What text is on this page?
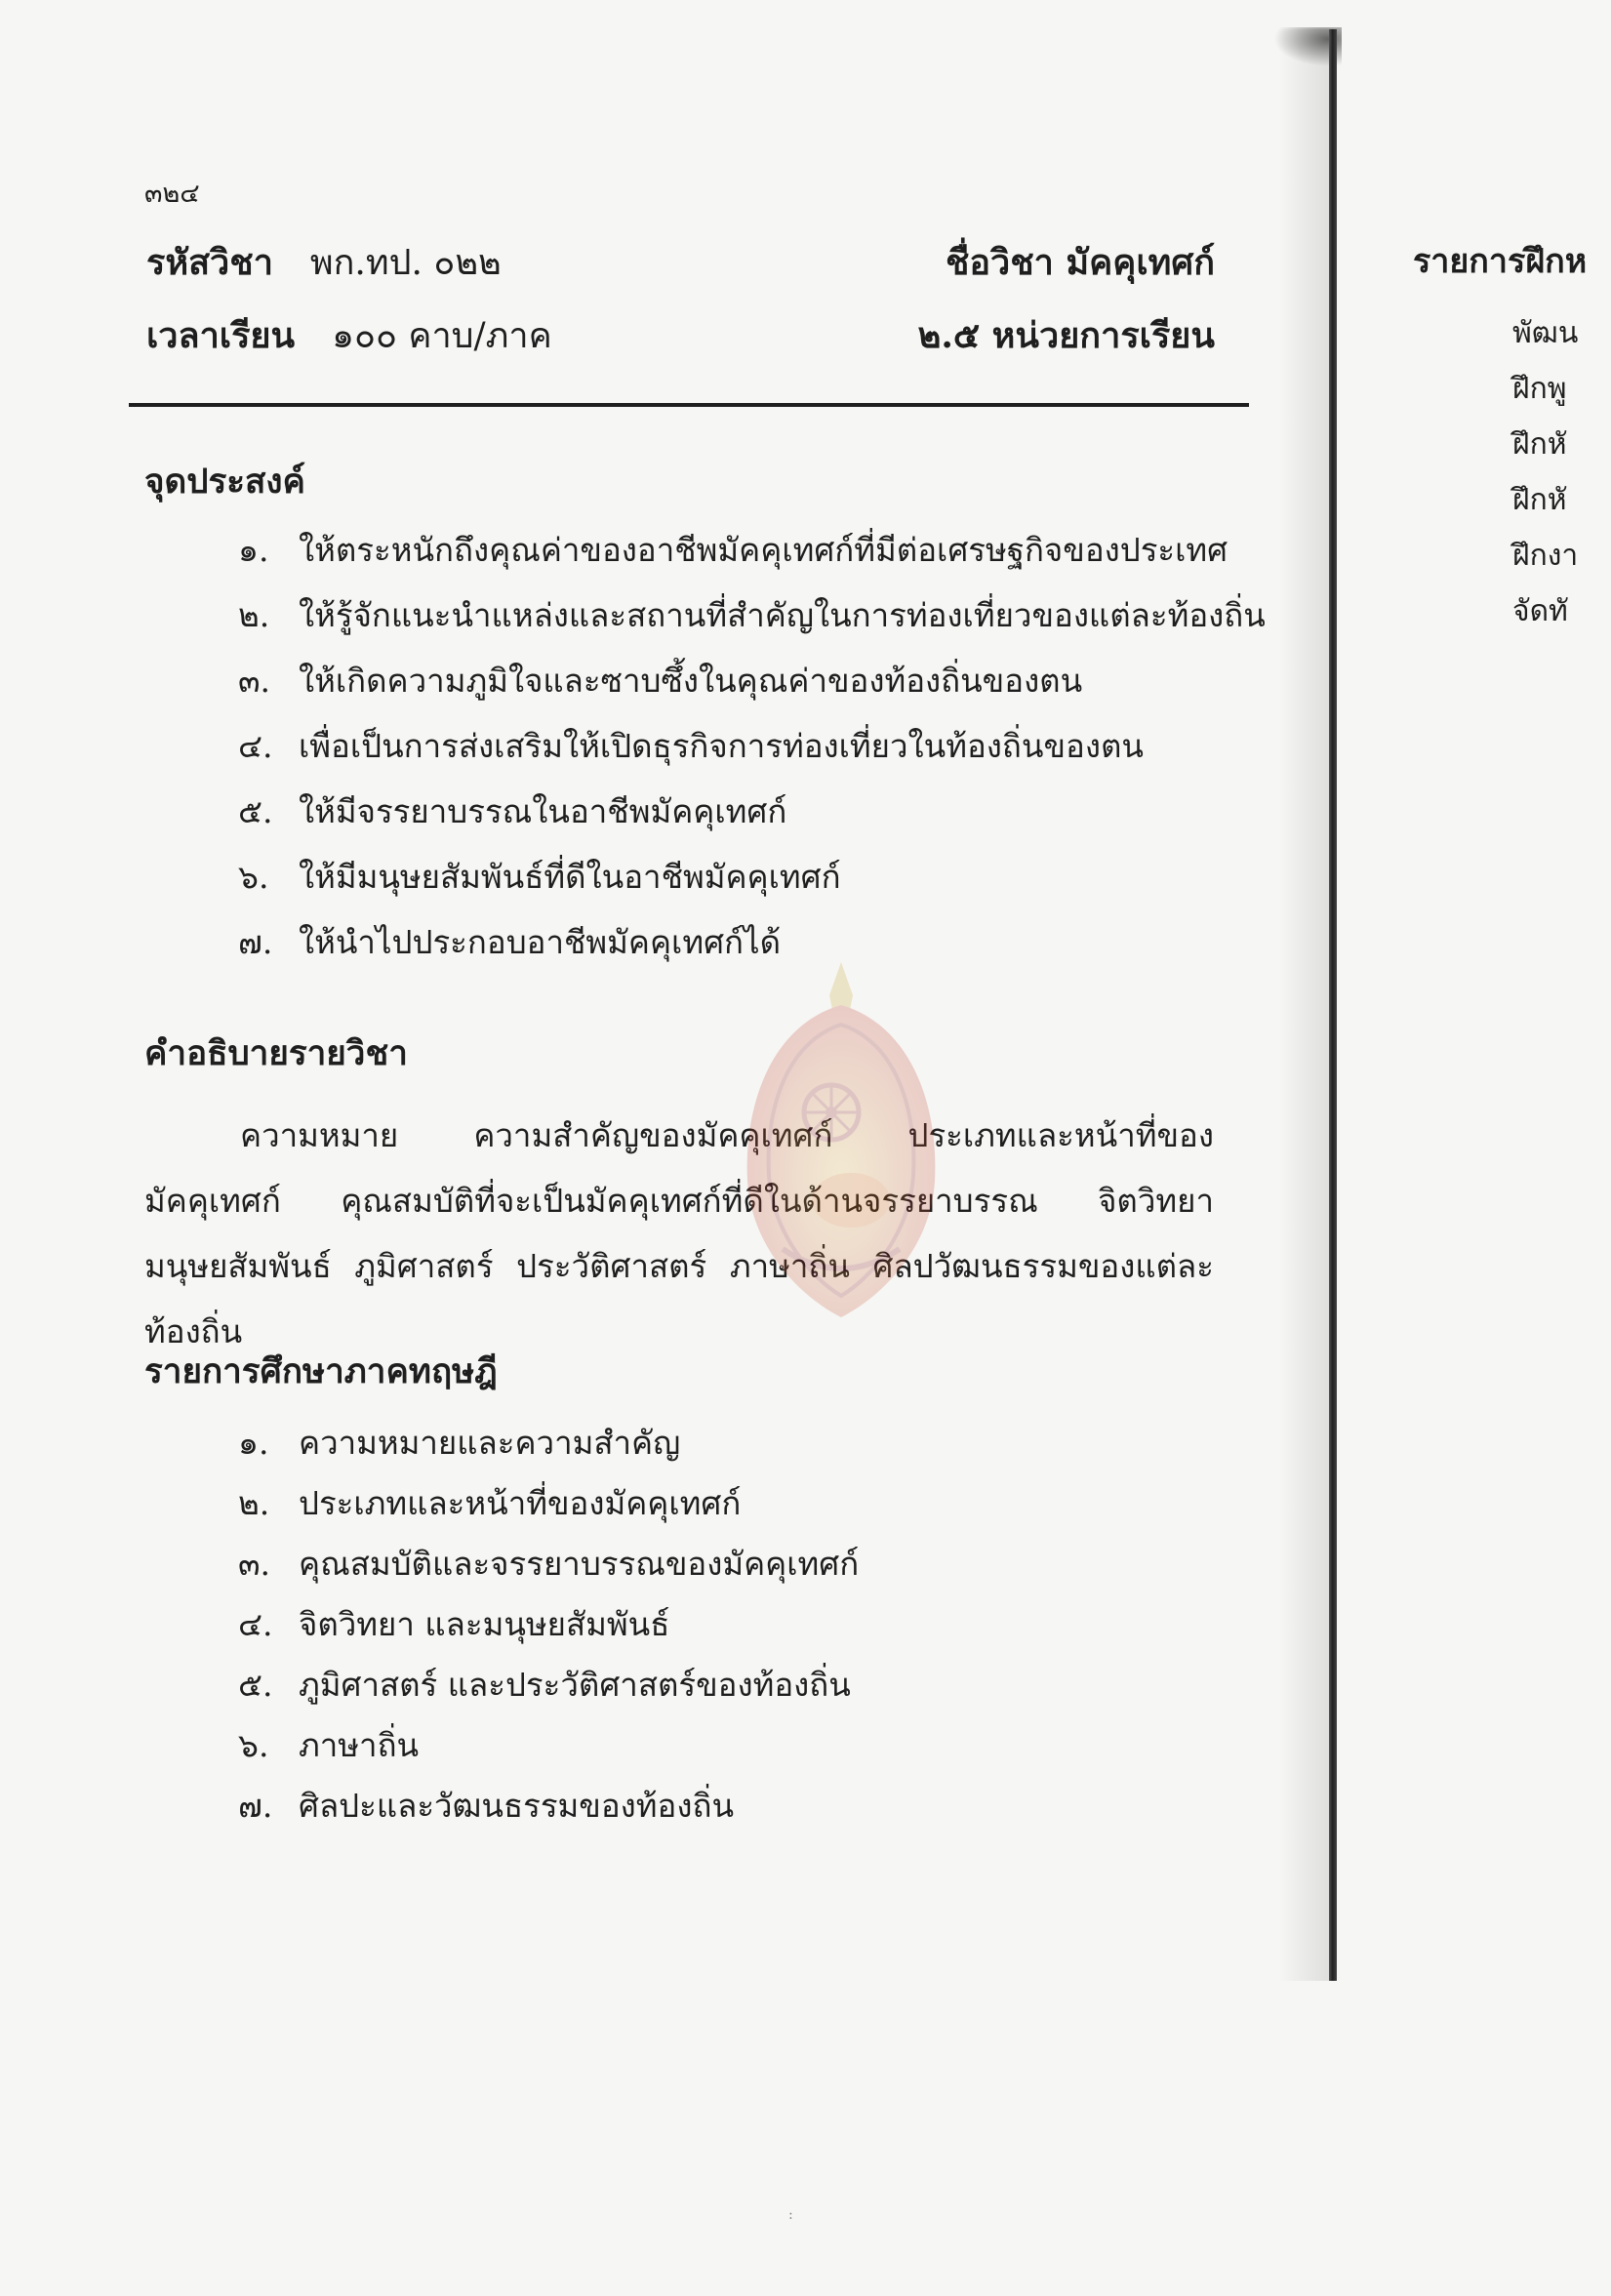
๓๒๔
รหัสวิชา พก.ทป. ๐๒๒
เวลาเรียน ๑๐๐ คาบ/ภาค
ชื่อวิชา มัคคุเทศก์
๒.๕ หน่วยการเรียน
จุดประสงค์
๑. ให้ตระหนักถึงคุณค่าของอาชีพมัคคุเทศก์ที่มีต่อเศรษฐกิจของประเทศ
๒. ให้รู้จักแนะนำแหล่งและสถานที่สำคัญในการท่องเที่ยวของแต่ละท้องถิ่น
๓. ให้เกิดความภูมิใจและซาบซึ้งในคุณค่าของท้องถิ่นของตน
๔. เพื่อเป็นการส่งเสริมให้เปิดธุรกิจการท่องเที่ยวในท้องถิ่นของตน
๕. ให้มีจรรยาบรรณในอาชีพมัคคุเทศก์
๖. ให้มีมนุษยสัมพันธ์ที่ดีในอาชีพมัคคุเทศก์
๗. ให้นำไปประกอบอาชีพมัคคุเทศก์ได้
คำอธิบายรายวิชา
ความหมาย ความสำคัญของมัคคุเทศก์ ประเภทและหน้าที่ของมัคคุเทศก์ คุณสมบัติที่จะเป็นมัคคุเทศก์ที่ดีในด้านจรรยาบรรณ จิตวิทยา มนุษยสัมพันธ์ ภูมิศาสตร์ ประวัติศาสตร์ ภาษาถิ่น ศิลปวัฒนธรรมของแต่ละท้องถิ่น
รายการศึกษาภาคทฤษฎี
๑. ความหมายและความสำคัญ
๒. ประเภทและหน้าที่ของมัคคุเทศก์
๓. คุณสมบัติและจรรยาบรรณของมัคคุเทศก์
๔. จิตวิทยา และมนุษยสัมพันธ์
๕. ภูมิศาสตร์ และประวัติศาสตร์ของท้องถิ่น
๖. ภาษาถิ่น
๗. ศิลปะและวัฒนธรรมของท้องถิ่น
รายการฝึกห
พัฒน
ฝึกพู
ฝึกหั
ฝึกหั
ฝึกงา
จัดทั
:
